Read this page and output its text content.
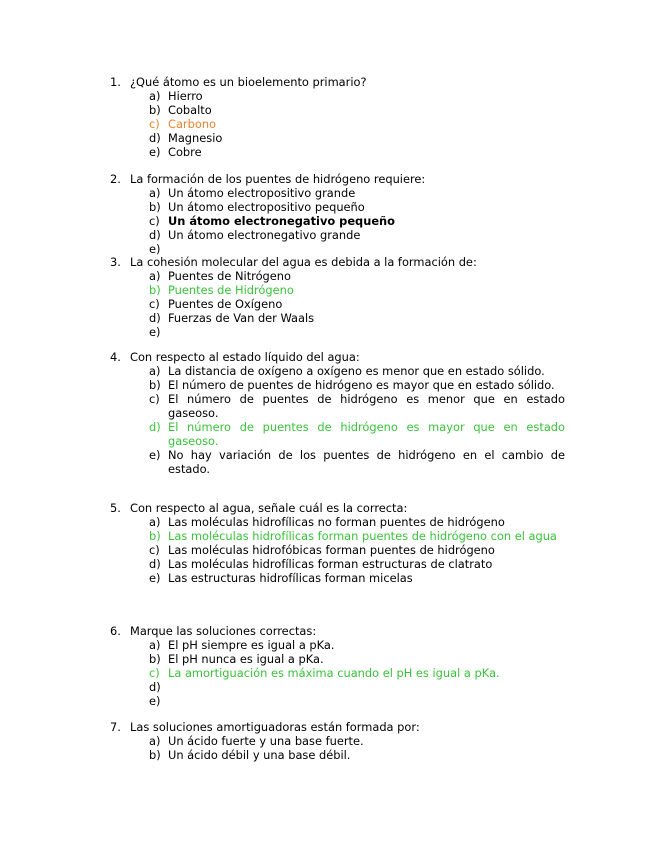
1. ¿Qué átomo es un bioelemento primario?
a) Hierro
b) Cobalto
c) Carbono
d) Magnesio
e) Cobre
2. La formación de los puentes de hidrógeno requiere:
a) Un átomo electropositivo grande
b) Un átomo electropositivo pequeño
c) Un átomo electronegativo pequeño
d) Un átomo electronegativo grande
e)

3. La cohesión molecular del agua es debida a la formación de:
a) Puentes de Nitrógeno
b) Puentes de Hidrógeno
c) Puentes de Oxígeno
d) Fuerzas de Van der Waals
e)

4. Con respecto al estado líquido del agua:
a) La distancia de oxígeno a oxígeno es menor que en estado sólido.
b) El número de puentes de hidrógeno es mayor que en estado sólido.
c) El número de puentes de hidrógeno es menor que en estado gaseoso.
d) El número de puentes de hidrógeno es mayor que en estado gaseoso.
e) No hay variación de los puentes de hidrógeno en el cambio de estado.
5. Con respecto al agua, señale cuál es la correcta:
a) Las moléculas hidrofílicas no forman puentes de hidrógeno
b) Las moléculas hidrofílicas forman puentes de hidrógeno con el agua
c) Las moléculas hidrofóbicas forman puentes de hidrógeno
d) Las moléculas hidrofílicas forman estructuras de clatrato
e) Las estructuras hidrofílicas forman micelas
6. Marque las soluciones correctas:
a) El pH siempre es igual a pKa.
b) El pH nunca es igual a pKa.
c) La amortiguación es máxima cuando el pH es igual a pKa.
d)

e)

7. Las soluciones amortiguadoras están formada por:
a) Un ácido fuerte y una base fuerte.
b) Un ácido débil y una base débil.
